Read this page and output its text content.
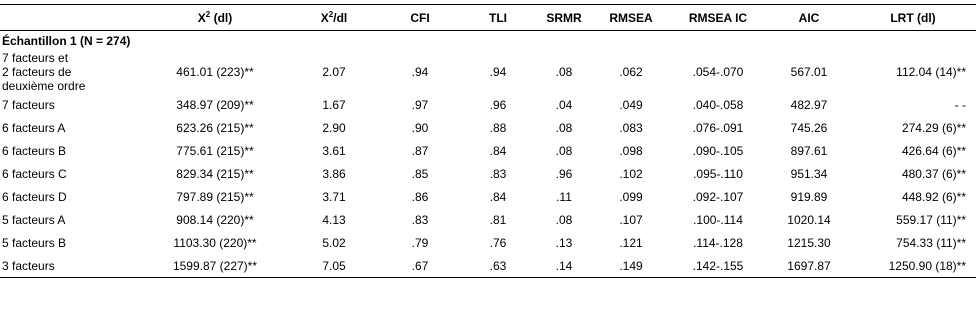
	$X^2$ (dl)	$X^2/dl$	CFI	TLI	SRMR	RMSEA	RMSEA IC	AIC	LRT (dl)
Échantillon 1 (N = 274)									

7 facteurs et
2 facteurs de
deuxième ordre	461.01 (223)**	2.07	.94	.94	.08	.062	.054-.070	567.01	112.04 (14)**
7 facteurs	348.97 (209)**	1.67	.97	.96	.04	.049	.040-.058	482.97	- -
6 facteurs A	623.26 (215)**	2.90	.90	.88	.08	.083	.076-.091	745.26	274.29 (6)**
6 facteurs B	775.61 (215)**	3.61	.87	.84	.08	.098	.090-.105	897.61	426.64 (6)**
6 facteurs C	829.34 (215)**	3.86	.85	.83	.96	.102	.095-.110	951.34	480.37 (6)**
6 facteurs D	797.89 (215)**	3.71	.86	.84	.11	.099	.092-.107	919.89	448.92 (6)**
5 facteurs A	908.14 (220)**	4.13	.83	.81	.08	.107	.100-.114	1020.14	559.17 (11)**
5 facteurs B	1103.30 (220)**	5.02	.79	.76	.13	.121	.114-.128	1215.30	754.33 (11)**
3 facteurs	1599.87 (227)**	7.05	.67	.63	.14	.149	.142-.155	1697.87	1250.90 (18)**
